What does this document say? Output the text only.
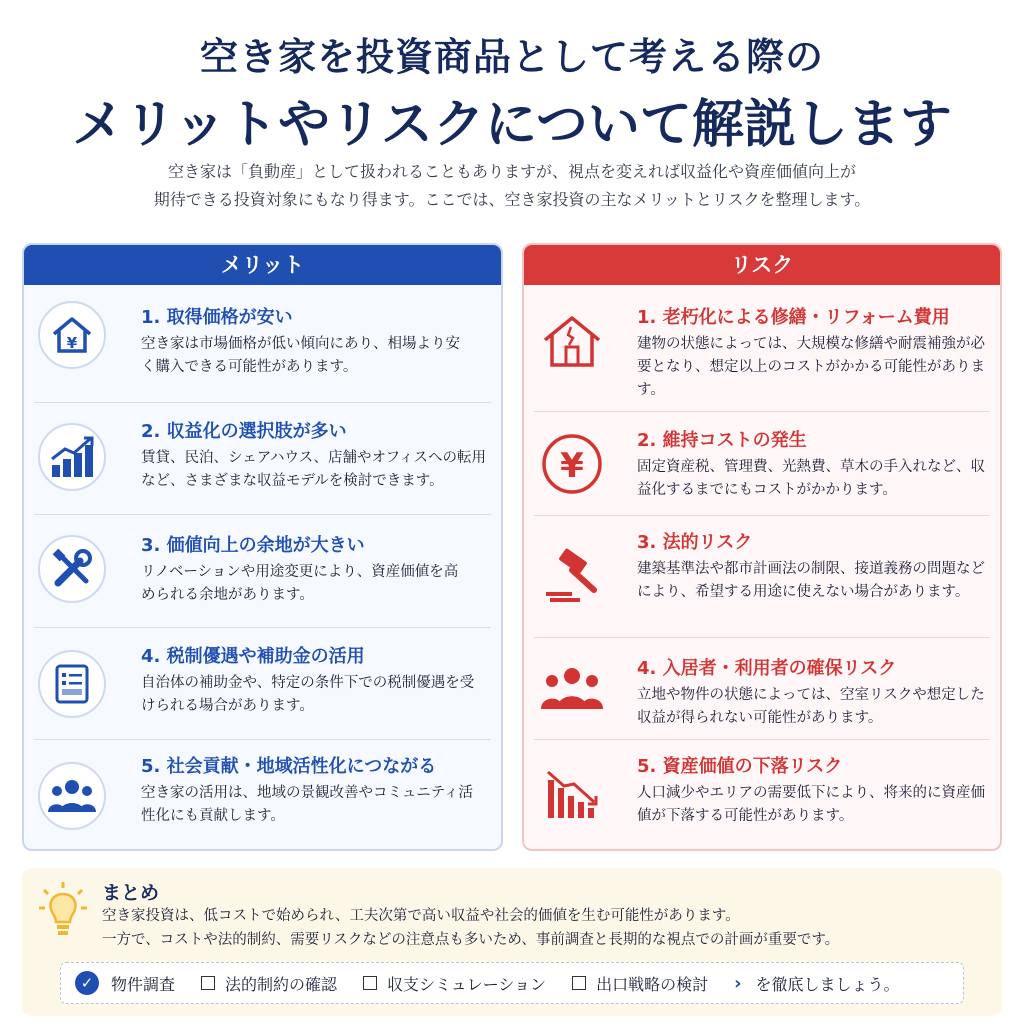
空き家を投資商品として考える際の
メリットやリスクについて解説します
空き家は「負動産」として扱われることもありますが、視点を変えれば収益化や資産価値向上が
期待できる投資対象にもなり得ます。ここでは、空き家投資の主なメリットとリスクを整理します。
メリット
¥
1. 取得価格が安い
空き家は市場価格が低い傾向にあり、相場より安く購入できる可能性があります。
2. 収益化の選択肢が多い
賃貸、民泊、シェアハウス、店舗やオフィスへの転用など、さまざまな収益モデルを検討できます。
3. 価値向上の余地が大きい
リノベーションや用途変更により、資産価値を高められる余地があります。
4. 税制優遇や補助金の活用
自治体の補助金や、特定の条件下での税制優遇を受けられる場合があります。
5. 社会貢献・地域活性化につながる
空き家の活用は、地域の景観改善やコミュニティ活性化にも貢献します。
リスク
1. 老朽化による修繕・リフォーム費用
建物の状態によっては、大規模な修繕や耐震補強が必要となり、想定以上のコストがかかる可能性があります。
¥
2. 維持コストの発生
固定資産税、管理費、光熱費、草木の手入れなど、収益化するまでにもコストがかかります。
3. 法的リスク
建築基準法や都市計画法の制限、接道義務の問題などにより、希望する用途に使えない場合があります。
4. 入居者・利用者の確保リスク
立地や物件の状態によっては、空室リスクや想定した収益が得られない可能性があります。
5. 資産価値の下落リスク
人口減少やエリアの需要低下により、将来的に資産価値が下落する可能性があります。
まとめ
空き家投資は、低コストで始められ、工夫次第で高い収益や社会的価値を生む可能性があります。
一方で、コストや法的制約、需要リスクなどの注意点も多いため、事前調査と長期的な視点での計画が重要です。
✓	物件調査	法的制約の確認	収支シミュレーション	出口戦略の検討 › を徹底しましょう。
